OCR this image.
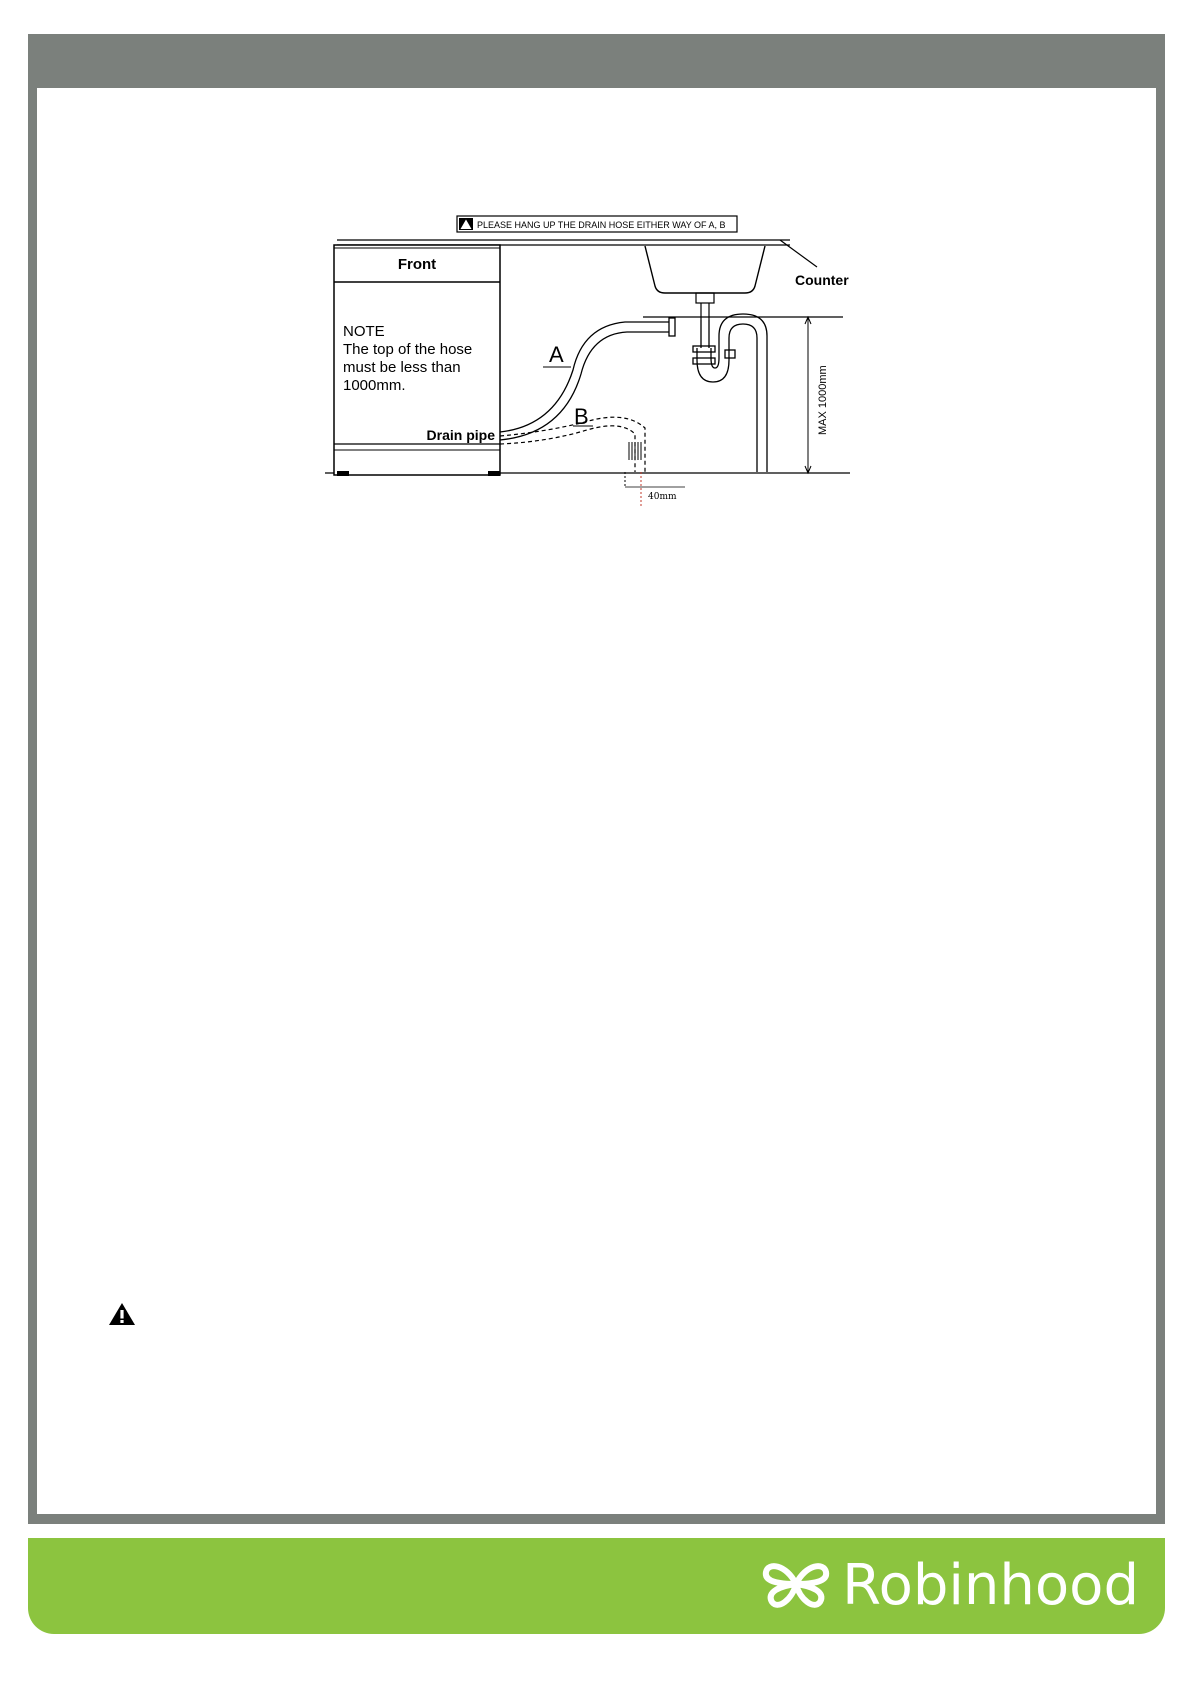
PLEASE HANG UP THE DRAIN HOSE EITHER WAY OF A, B
Counter
MAX 1000mm
Front
NOTE
The top of the hose
must be less than
1000mm.
Drain pipe
A
B
40mm
Robinhood
